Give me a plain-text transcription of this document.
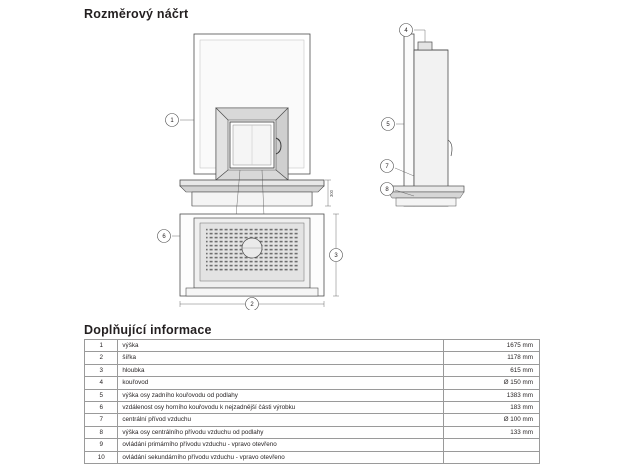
Rozměrový náčrt
300
1
4
5
7
8
2
3
6
Doplňující informace
1	výška	1675 mm
2	šířka	1178 mm
3	hloubka	615 mm
4	kouřovod	Ø 150 mm
5	výška osy zadního kouřovodu od podlahy	1383 mm
6	vzdálenost osy horního kouřovodu k nejzadnější části výrobku	183 mm
7	centrální přívod vzduchu	Ø 100 mm
8	výška osy centrálního přívodu vzduchu od podlahy	133 mm
9	ovládání primárního přívodu vzduchu - vpravo otevřeno	
10	ovládání sekundárního přívodu vzduchu - vpravo otevřeno	
